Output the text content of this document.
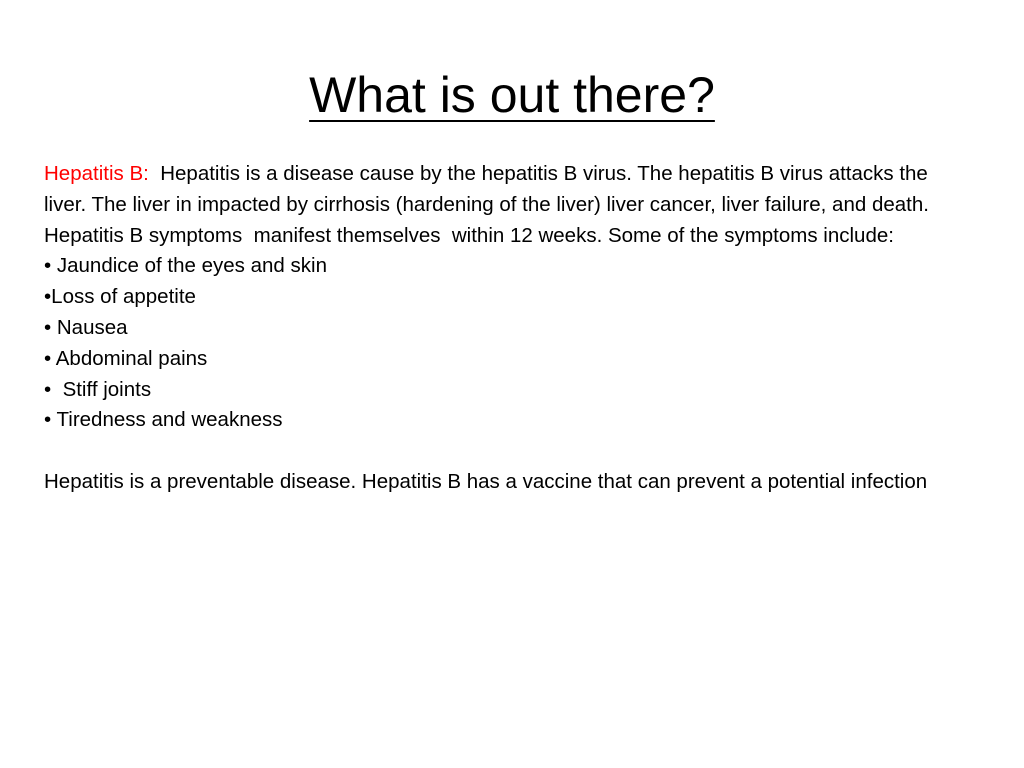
What is out there?

Hepatitis B:  Hepatitis is a disease cause by the hepatitis B virus. The hepatitis B virus attacks the liver. The liver in impacted by cirrhosis (hardening of the liver) liver cancer, liver failure, and death.  Hepatitis B symptoms  manifest themselves  within 12 weeks. Some of the symptoms include:

• Jaundice of the eyes and skin
•Loss of appetite
• Nausea
• Abdominal pains
•  Stiff joints
• Tiredness and weakness

Hepatitis is a preventable disease. Hepatitis B has a vaccine that can prevent a potential infection
